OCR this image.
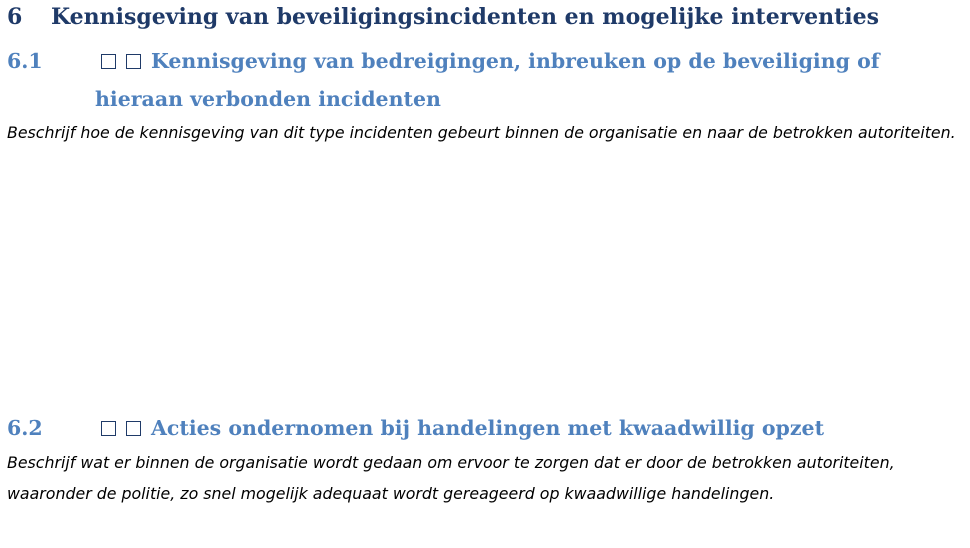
6 Kennisgeving van beveiligingsincidenten en mogelijke interventies
6.1	Kennisgeving van bedreigingen, inbreuken op de beveiliging of
hieraan verbonden incidenten
Beschrijf hoe de kennisgeving van dit type incidenten gebeurt binnen de organisatie en naar de betrokken autoriteiten.
6.2	Acties ondernomen bij handelingen met kwaadwillig opzet
Beschrijf wat er binnen de organisatie wordt gedaan om ervoor te zorgen dat er door de betrokken autoriteiten, waaronder de politie, zo snel mogelijk adequaat wordt gereageerd op kwaadwillige handelingen.
